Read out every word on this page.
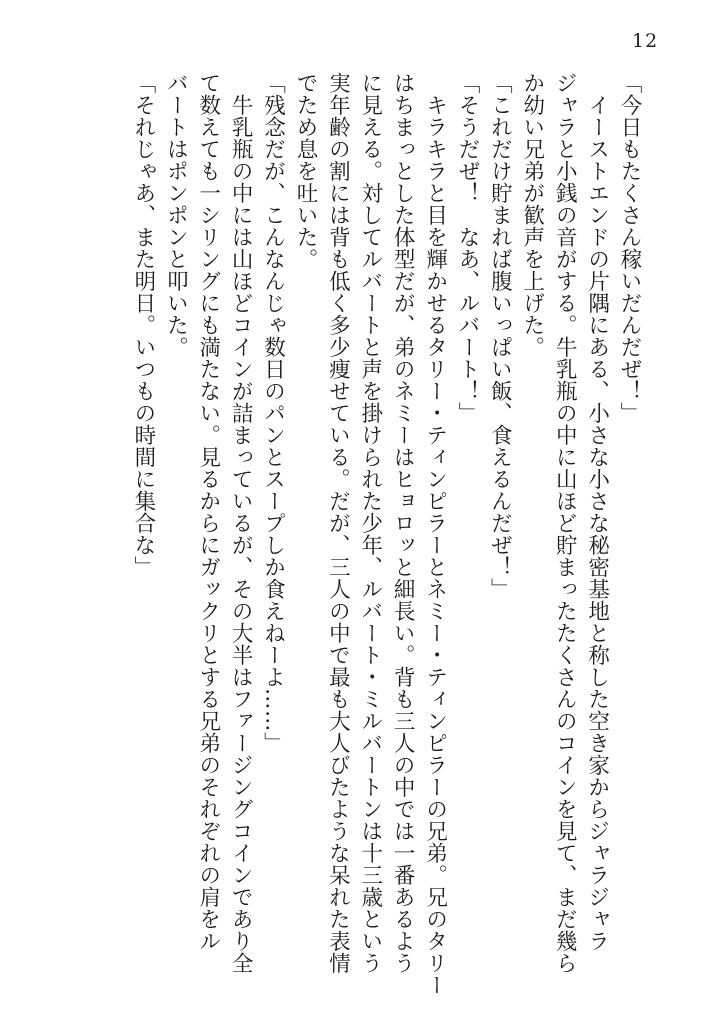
12
「今日もたくさん稼いだんだぜ！」
　イーストエンドの片隅にある、小さな小さな秘密基地と称した空き家からジャラジャラ
ジャラと小銭の音がする。牛乳瓶の中に山ほど貯まったたくさんのコインを見て、まだ幾ら
か幼い兄弟が歓声を上げた。
「これだけ貯まれば腹いっぱい飯、食えるんだぜ！」
「そうだぜ！　なあ、ルバート！」
　キラキラと目を輝かせるタリー・ティンピラーとネミー・ティンピラーの兄弟。兄のタリー
はちまっとした体型だが、弟のネミーはヒョロッと細長い。背も三人の中では一番あるよう
に見える。対してルバートと声を掛けられた少年、ルバート・ミルバートンは十三歳という
実年齢の割には背も低く多少痩せている。だが、三人の中で最も大人びたような呆れた表情
でため息を吐いた。
「残念だが、こんなんじゃ数日のパンとスープしか食えねーよ……」
　牛乳瓶の中には山ほどコインが詰まっているが、その大半はファージングコインであり全
て数えても一シリングにも満たない。見るからにガックリとする兄弟のそれぞれの肩をル
バートはポンポンと叩いた。
「それじゃあ、また明日。いつもの時間に集合な」
